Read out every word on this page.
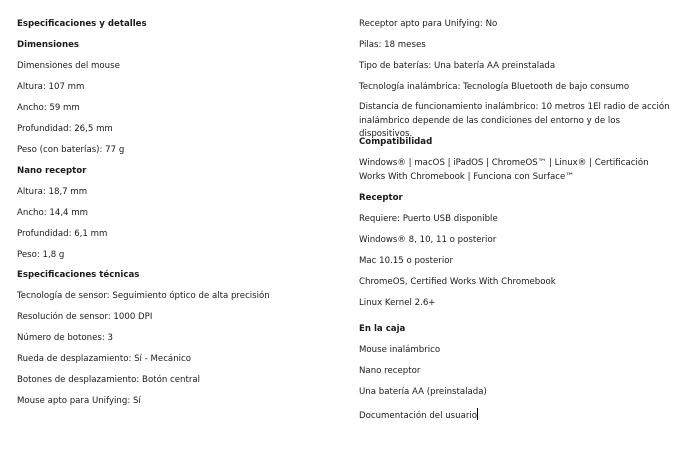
Especificaciones y detalles
Dimensiones
Dimensiones del mouse
Altura: 107 mm
Ancho: 59 mm
Profundidad: 26,5 mm
Peso (con baterías): 77 g
Nano receptor
Altura: 18,7 mm
Ancho: 14,4 mm
Profundidad: 6,1 mm
Peso: 1,8 g
Especificaciones técnicas
Tecnología de sensor: Seguimiento óptico de alta precisión
Resolución de sensor: 1000 DPI
Número de botones: 3
Rueda de desplazamiento: Sí - Mecánico
Botones de desplazamiento: Botón central
Mouse apto para Unifying: Sí
Receptor apto para Unifying: No
Pilas: 18 meses
Tipo de baterías: Una batería AA preinstalada
Tecnología inalámbrica: Tecnología Bluetooth de bajo consumo
Distancia de funcionamiento inalámbrico: 10 metros 1El radio de acción inalámbrico depende de las condiciones del entorno y de los dispositivos.
Compatibilidad
Windows® | macOS | iPadOS | ChromeOS™ | Linux® | Certificación Works With Chromebook | Funciona con Surface™
Receptor
Requiere: Puerto USB disponible
Windows® 8, 10, 11 o posterior
Mac 10.15 o posterior
ChromeOS, Certified Works With Chromebook
Linux Kernel 2.6+
En la caja
Mouse inalámbrico
Nano receptor
Una batería AA (preinstalada)
Documentación del usuario
